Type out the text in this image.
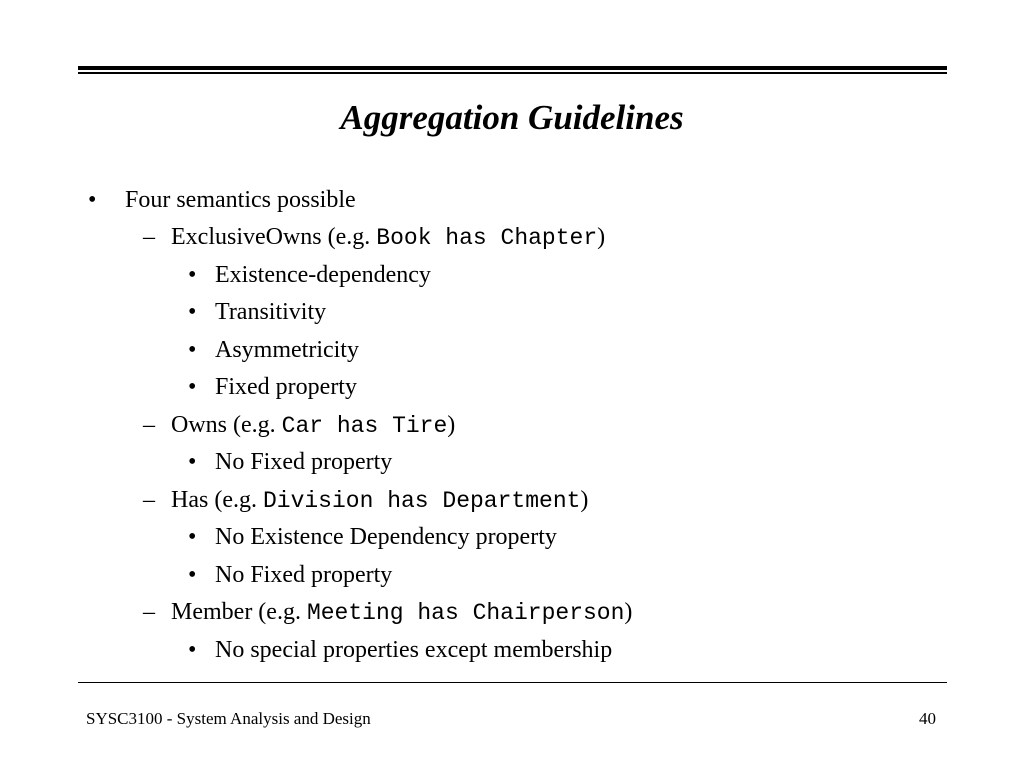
Aggregation Guidelines
• Four semantics possible
– ExclusiveOwns (e.g. Book has Chapter)
• Existence-dependency
• Transitivity
• Asymmetricity
• Fixed property
– Owns (e.g. Car has Tire)
• No Fixed property
– Has (e.g. Division has Department)
• No Existence Dependency property
• No Fixed property
– Member (e.g. Meeting has Chairperson)
• No special properties except membership
SYSC3100 - System Analysis and Design	40
